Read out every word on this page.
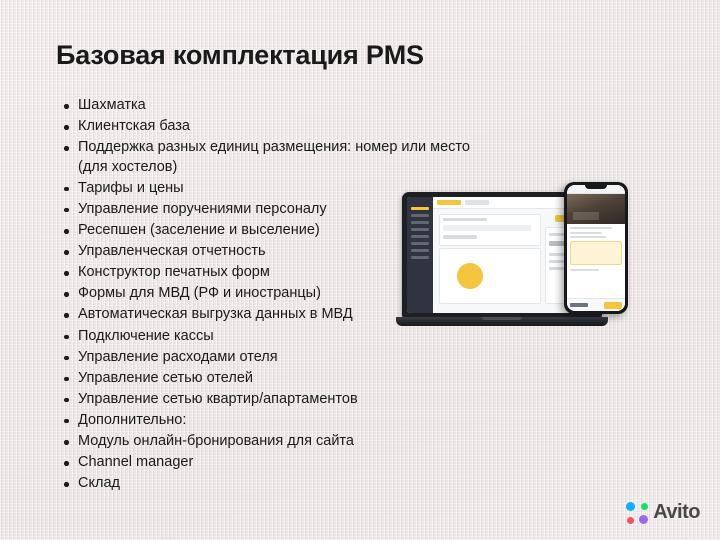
Базовая комплектация PMS
Шахматка
Клиентская база
Поддержка разных единиц размещения: номер или место (для хостелов)
Тарифы и цены
Управление поручениями персоналу
Ресепшен (заселение и выселение)
Управленческая отчетность
Конструктор печатных форм
Формы для МВД (РФ и иностранцы)
Автоматическая выгрузка данных в МВД
Подключение кассы
Управление расходами отеля
Управление сетью отелей
Управление сетью квартир/апартаментов
Дополнительно:
Модуль онлайн-бронирования для сайта
Channel manager
Склад
Avito
